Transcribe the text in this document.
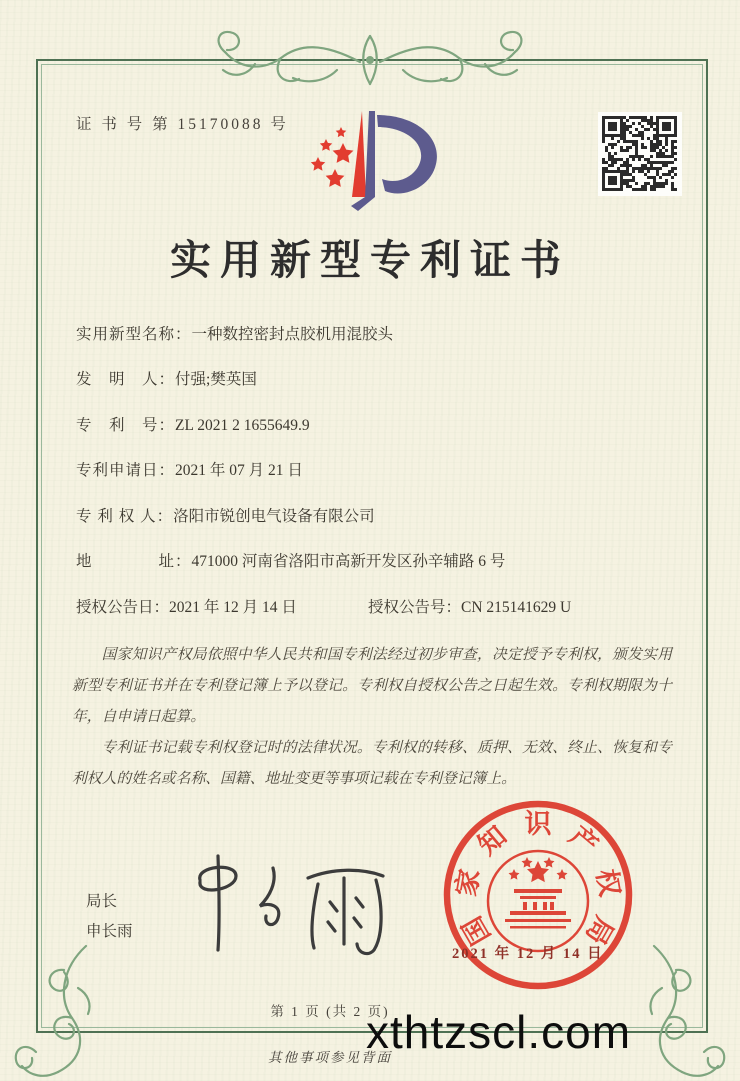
证 书 号 第 15170088 号
实用新型专利证书
实用新型名称：一种数控密封点胶机用混胶头
发　明　人：付强;樊英国
专　利　号：ZL 2021 2 1655649.9
专利申请日：2021 年 07 月 21 日
专 利 权 人：洛阳市锐创电气设备有限公司
地　　　　址：471000 河南省洛阳市高新开发区孙辛辅路 6 号
授权公告日：2021 年 12 月 14 日	授权公告号：CN 215141629 U

国家知识产权局依照中华人民共和国专利法经过初步审查，决定授予专利权，颁发实用新型专利证书并在专利登记簿上予以登记。专利权自授权公告之日起生效。专利权期限为十年，自申请日起算。

专利证书记载专利权登记时的法律状况。专利权的转移、质押、无效、终止、恢复和专利权人的姓名或名称、国籍、地址变更等事项记载在专利登记簿上。

局长
申长雨	国
家
知 识 产
权
局
2021 年 12 月 14 日
第 1 页 (共 2 页)
其他事项参见背面
xthtzscl.com
